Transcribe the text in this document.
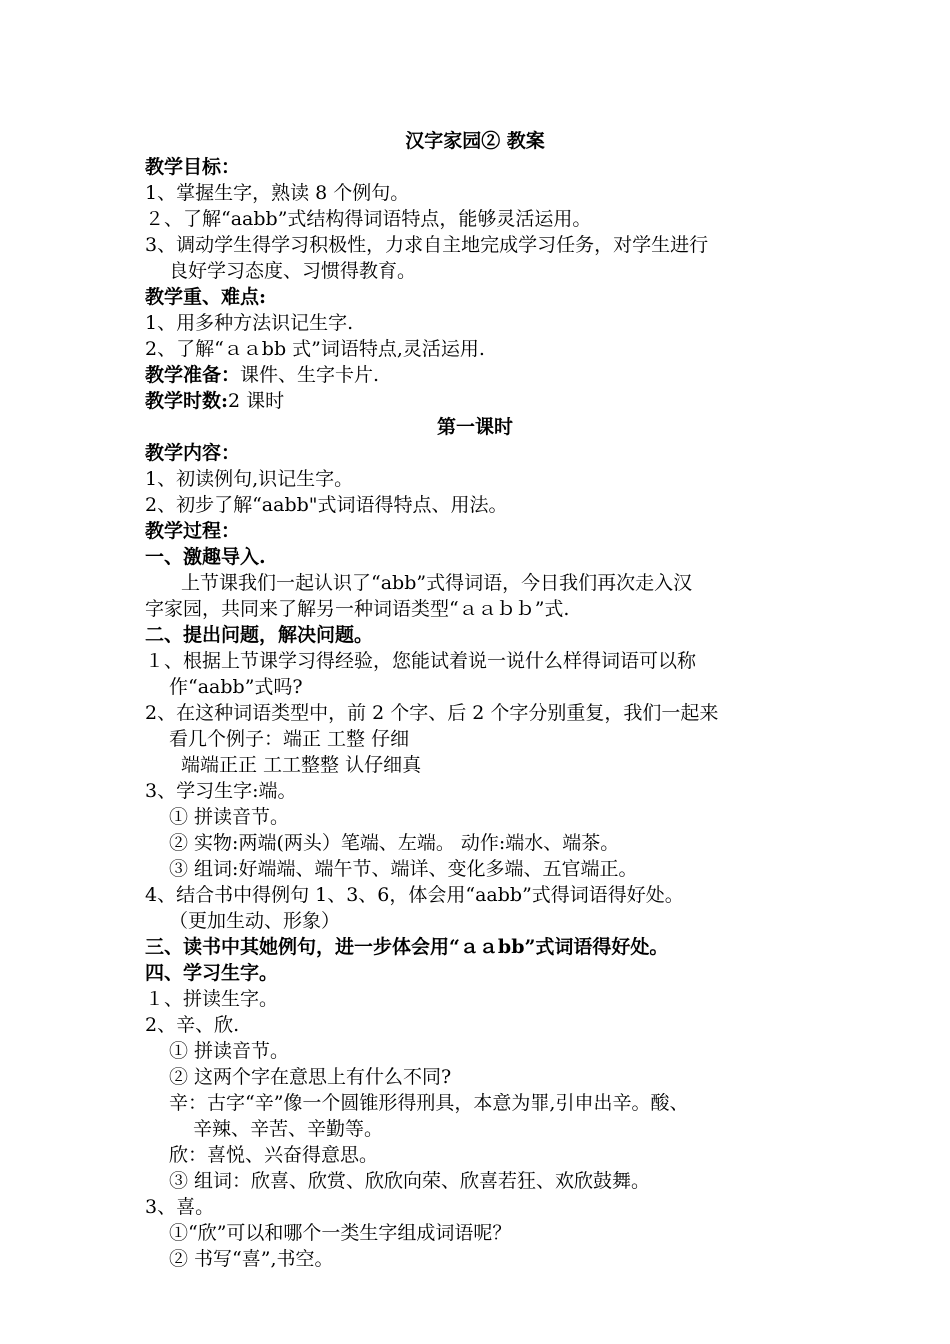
汉字家园② 教案
教学目标：
1、掌握生字，熟读 8 个例句。
２、了解“aabb”式结构得词语特点，能够灵活运用。
3、调动学生得学习积极性，力求自主地完成学习任务，对学生进行
良好学习态度、习惯得教育。
教学重、难点:
1、用多种方法识记生字.
2、了解“ａａbb 式”词语特点,灵活运用.
教学准备：课件、生字卡片.
教学时数:2 课时
第一课时
教学内容：
1、初读例句,识记生字。
2、初步了解“aabb"式词语得特点、用法。
教学过程：
一、激趣导入.
上节课我们一起认识了“abb”式得词语，今日我们再次走入汉
字家园，共同来了解另一种词语类型“ａａｂｂ”式.
二、提出问题，解决问题。
１、根据上节课学习得经验，您能试着说一说什么样得词语可以称
作“aabb”式吗?
2、在这种词语类型中，前 2 个字、后 2 个字分别重复，我们一起来
看几个例子：端正 工整 仔细
端端正正 工工整整 认仔细真
3、学习生字:端。
① 拼读音节。
② 实物:两端(两头）笔端、左端。 动作:端水、端茶。
③ 组词:好端端、端午节、端详、变化多端、五官端正。
4、结合书中得例句 1、3、6，体会用“aabb”式得词语得好处。
（更加生动、形象）
三、读书中其她例句，进一步体会用“ａａbb”式词语得好处。
四、学习生字。
１、拼读生字。
2、辛、欣.
① 拼读音节。
② 这两个字在意思上有什么不同?
辛：古字“辛”像一个圆锥形得刑具，本意为罪,引申出辛。酸、
辛辣、辛苦、辛勤等。
欣：喜悦、兴奋得意思。
③ 组词：欣喜、欣赏、欣欣向荣、欣喜若狂、欢欣鼓舞。
3、喜。
①“欣”可以和哪个一类生字组成词语呢？
② 书写“喜”,书空。
